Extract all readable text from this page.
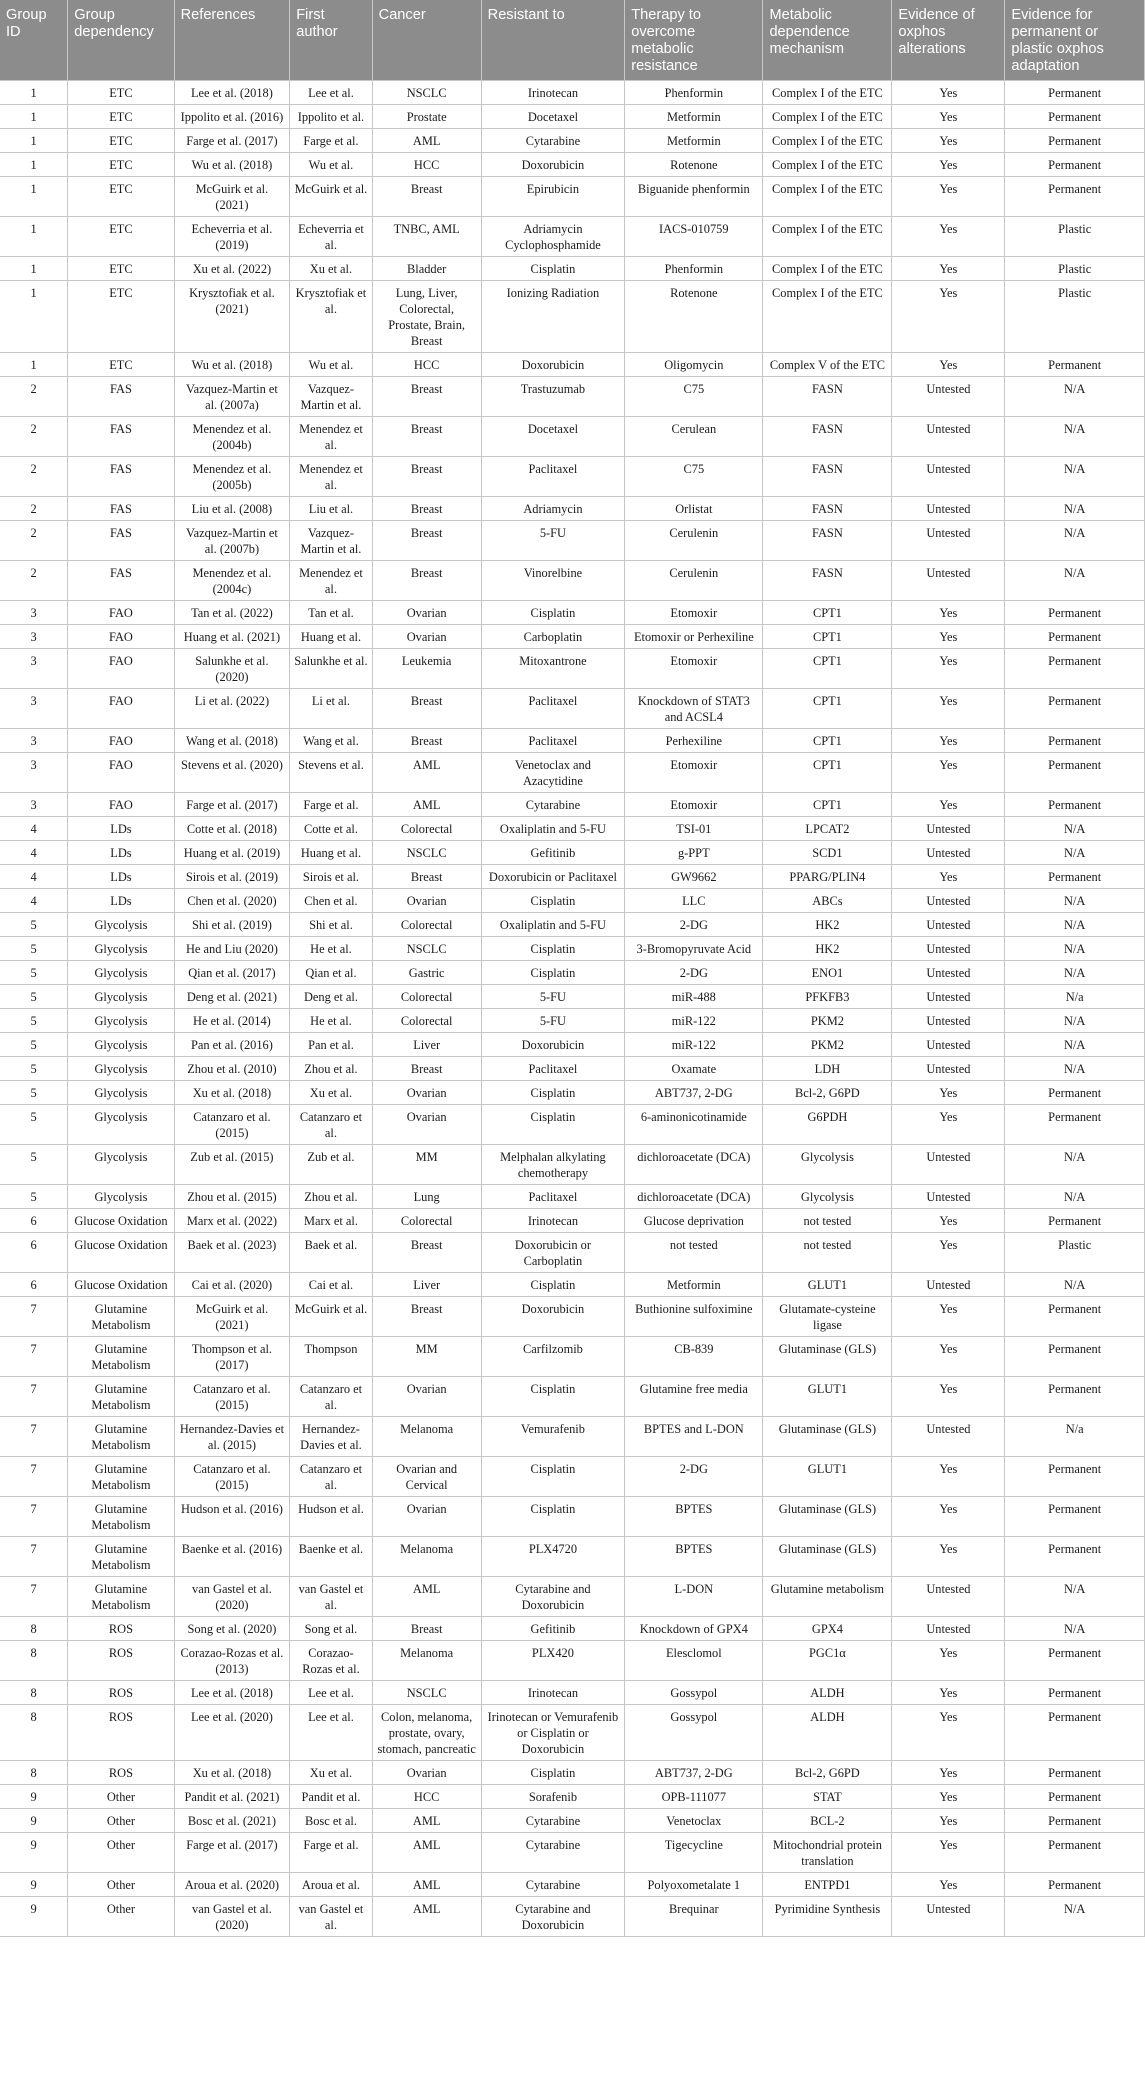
Group ID	Group dependency	References	First author	Cancer	Resistant to	Therapy to overcome metabolic resistance	Metabolic dependence mechanism	Evidence of oxphos alterations	Evidence for permanent or plastic oxphos adaptation
1	ETC	Lee et al. (2018)	Lee et al.	NSCLC	Irinotecan	Phenformin	Complex I of the ETC	Yes	Permanent
1	ETC	Ippolito et al. (2016)	Ippolito et al.	Prostate	Docetaxel	Metformin	Complex I of the ETC	Yes	Permanent
1	ETC	Farge et al. (2017)	Farge et al.	AML	Cytarabine	Metformin	Complex I of the ETC	Yes	Permanent
1	ETC	Wu et al. (2018)	Wu et al.	HCC	Doxorubicin	Rotenone	Complex I of the ETC	Yes	Permanent
1	ETC	McGuirk et al. (2021)	McGuirk et al.	Breast	Epirubicin	Biguanide phenformin	Complex I of the ETC	Yes	Permanent
1	ETC	Echeverria et al. (2019)	Echeverria et al.	TNBC, AML	Adriamycin Cyclophosphamide	IACS-010759	Complex I of the ETC	Yes	Plastic
1	ETC	Xu et al. (2022)	Xu et al.	Bladder	Cisplatin	Phenformin	Complex I of the ETC	Yes	Plastic
1	ETC	Krysztofiak et al. (2021)	Krysztofiak et al.	Lung, Liver, Colorectal, Prostate, Brain, Breast	Ionizing Radiation	Rotenone	Complex I of the ETC	Yes	Plastic
1	ETC	Wu et al. (2018)	Wu et al.	HCC	Doxorubicin	Oligomycin	Complex V of the ETC	Yes	Permanent
2	FAS	Vazquez-Martin et al. (2007a)	Vazquez-Martin et al.	Breast	Trastuzumab	C75	FASN	Untested	N/A
2	FAS	Menendez et al. (2004b)	Menendez et al.	Breast	Docetaxel	Cerulean	FASN	Untested	N/A
2	FAS	Menendez et al. (2005b)	Menendez et al.	Breast	Paclitaxel	C75	FASN	Untested	N/A
2	FAS	Liu et al. (2008)	Liu et al.	Breast	Adriamycin	Orlistat	FASN	Untested	N/A
2	FAS	Vazquez-Martin et al. (2007b)	Vazquez-Martin et al.	Breast	5-FU	Cerulenin	FASN	Untested	N/A
2	FAS	Menendez et al. (2004c)	Menendez et al.	Breast	Vinorelbine	Cerulenin	FASN	Untested	N/A
3	FAO	Tan et al. (2022)	Tan et al.	Ovarian	Cisplatin	Etomoxir	CPT1	Yes	Permanent
3	FAO	Huang et al. (2021)	Huang et al.	Ovarian	Carboplatin	Etomoxir or Perhexiline	CPT1	Yes	Permanent
3	FAO	Salunkhe et al. (2020)	Salunkhe et al.	Leukemia	Mitoxantrone	Etomoxir	CPT1	Yes	Permanent
3	FAO	Li et al. (2022)	Li et al.	Breast	Paclitaxel	Knockdown of STAT3 and ACSL4	CPT1	Yes	Permanent
3	FAO	Wang et al. (2018)	Wang et al.	Breast	Paclitaxel	Perhexiline	CPT1	Yes	Permanent
3	FAO	Stevens et al. (2020)	Stevens et al.	AML	Venetoclax and Azacytidine	Etomoxir	CPT1	Yes	Permanent
3	FAO	Farge et al. (2017)	Farge et al.	AML	Cytarabine	Etomoxir	CPT1	Yes	Permanent
4	LDs	Cotte et al. (2018)	Cotte et al.	Colorectal	Oxaliplatin and 5-FU	TSI-01	LPCAT2	Untested	N/A
4	LDs	Huang et al. (2019)	Huang et al.	NSCLC	Gefitinib	g-PPT	SCD1	Untested	N/A
4	LDs	Sirois et al. (2019)	Sirois et al.	Breast	Doxorubicin or Paclitaxel	GW9662	PPARG/PLIN4	Yes	Permanent
4	LDs	Chen et al. (2020)	Chen et al.	Ovarian	Cisplatin	LLC	ABCs	Untested	N/A
5	Glycolysis	Shi et al. (2019)	Shi et al.	Colorectal	Oxaliplatin and 5-FU	2-DG	HK2	Untested	N/A
5	Glycolysis	He and Liu (2020)	He et al.	NSCLC	Cisplatin	3-Bromopyruvate Acid	HK2	Untested	N/A
5	Glycolysis	Qian et al. (2017)	Qian et al.	Gastric	Cisplatin	2-DG	ENO1	Untested	N/A
5	Glycolysis	Deng et al. (2021)	Deng et al.	Colorectal	5-FU	miR-488	PFKFB3	Untested	N/a
5	Glycolysis	He et al. (2014)	He et al.	Colorectal	5-FU	miR-122	PKM2	Untested	N/A
5	Glycolysis	Pan et al. (2016)	Pan et al.	Liver	Doxorubicin	miR-122	PKM2	Untested	N/A
5	Glycolysis	Zhou et al. (2010)	Zhou et al.	Breast	Paclitaxel	Oxamate	LDH	Untested	N/A
5	Glycolysis	Xu et al. (2018)	Xu et al.	Ovarian	Cisplatin	ABT737, 2-DG	Bcl-2, G6PD	Yes	Permanent
5	Glycolysis	Catanzaro et al. (2015)	Catanzaro et al.	Ovarian	Cisplatin	6-aminonicotinamide	G6PDH	Yes	Permanent
5	Glycolysis	Zub et al. (2015)	Zub et al.	MM	Melphalan alkylating chemotherapy	dichloroacetate (DCA)	Glycolysis	Untested	N/A
5	Glycolysis	Zhou et al. (2015)	Zhou et al.	Lung	Paclitaxel	dichloroacetate (DCA)	Glycolysis	Untested	N/A
6	Glucose Oxidation	Marx et al. (2022)	Marx et al.	Colorectal	Irinotecan	Glucose deprivation	not tested	Yes	Permanent
6	Glucose Oxidation	Baek et al. (2023)	Baek et al.	Breast	Doxorubicin or Carboplatin	not tested	not tested	Yes	Plastic
6	Glucose Oxidation	Cai et al. (2020)	Cai et al.	Liver	Cisplatin	Metformin	GLUT1	Untested	N/A
7	Glutamine Metabolism	McGuirk et al. (2021)	McGuirk et al.	Breast	Doxorubicin	Buthionine sulfoximine	Glutamate-cysteine ligase	Yes	Permanent
7	Glutamine Metabolism	Thompson et al. (2017)	Thompson	MM	Carfilzomib	CB-839	Glutaminase (GLS)	Yes	Permanent
7	Glutamine Metabolism	Catanzaro et al. (2015)	Catanzaro et al.	Ovarian	Cisplatin	Glutamine free media	GLUT1	Yes	Permanent
7	Glutamine Metabolism	Hernandez-Davies et al. (2015)	Hernandez-Davies et al.	Melanoma	Vemurafenib	BPTES and L-DON	Glutaminase (GLS)	Untested	N/a
7	Glutamine Metabolism	Catanzaro et al. (2015)	Catanzaro et al.	Ovarian and Cervical	Cisplatin	2-DG	GLUT1	Yes	Permanent
7	Glutamine Metabolism	Hudson et al. (2016)	Hudson et al.	Ovarian	Cisplatin	BPTES	Glutaminase (GLS)	Yes	Permanent
7	Glutamine Metabolism	Baenke et al. (2016)	Baenke et al.	Melanoma	PLX4720	BPTES	Glutaminase (GLS)	Yes	Permanent
7	Glutamine Metabolism	van Gastel et al. (2020)	van Gastel et al.	AML	Cytarabine and Doxorubicin	L-DON	Glutamine metabolism	Untested	N/A
8	ROS	Song et al. (2020)	Song et al.	Breast	Gefitinib	Knockdown of GPX4	GPX4	Untested	N/A
8	ROS	Corazao-Rozas et al. (2013)	Corazao-Rozas et al.	Melanoma	PLX420	Elesclomol	PGC1α	Yes	Permanent
8	ROS	Lee et al. (2018)	Lee et al.	NSCLC	Irinotecan	Gossypol	ALDH	Yes	Permanent
8	ROS	Lee et al. (2020)	Lee et al.	Colon, melanoma, prostate, ovary, stomach, pancreatic	Irinotecan or Vemurafenib or Cisplatin or Doxorubicin	Gossypol	ALDH	Yes	Permanent
8	ROS	Xu et al. (2018)	Xu et al.	Ovarian	Cisplatin	ABT737, 2-DG	Bcl-2, G6PD	Yes	Permanent
9	Other	Pandit et al. (2021)	Pandit et al.	HCC	Sorafenib	OPB-111077	STAT	Yes	Permanent
9	Other	Bosc et al. (2021)	Bosc et al.	AML	Cytarabine	Venetoclax	BCL-2	Yes	Permanent
9	Other	Farge et al. (2017)	Farge et al.	AML	Cytarabine	Tigecycline	Mitochondrial protein translation	Yes	Permanent
9	Other	Aroua et al. (2020)	Aroua et al.	AML	Cytarabine	Polyoxometalate 1	ENTPD1	Yes	Permanent
9	Other	van Gastel et al. (2020)	van Gastel et al.	AML	Cytarabine and Doxorubicin	Brequinar	Pyrimidine Synthesis	Untested	N/A
